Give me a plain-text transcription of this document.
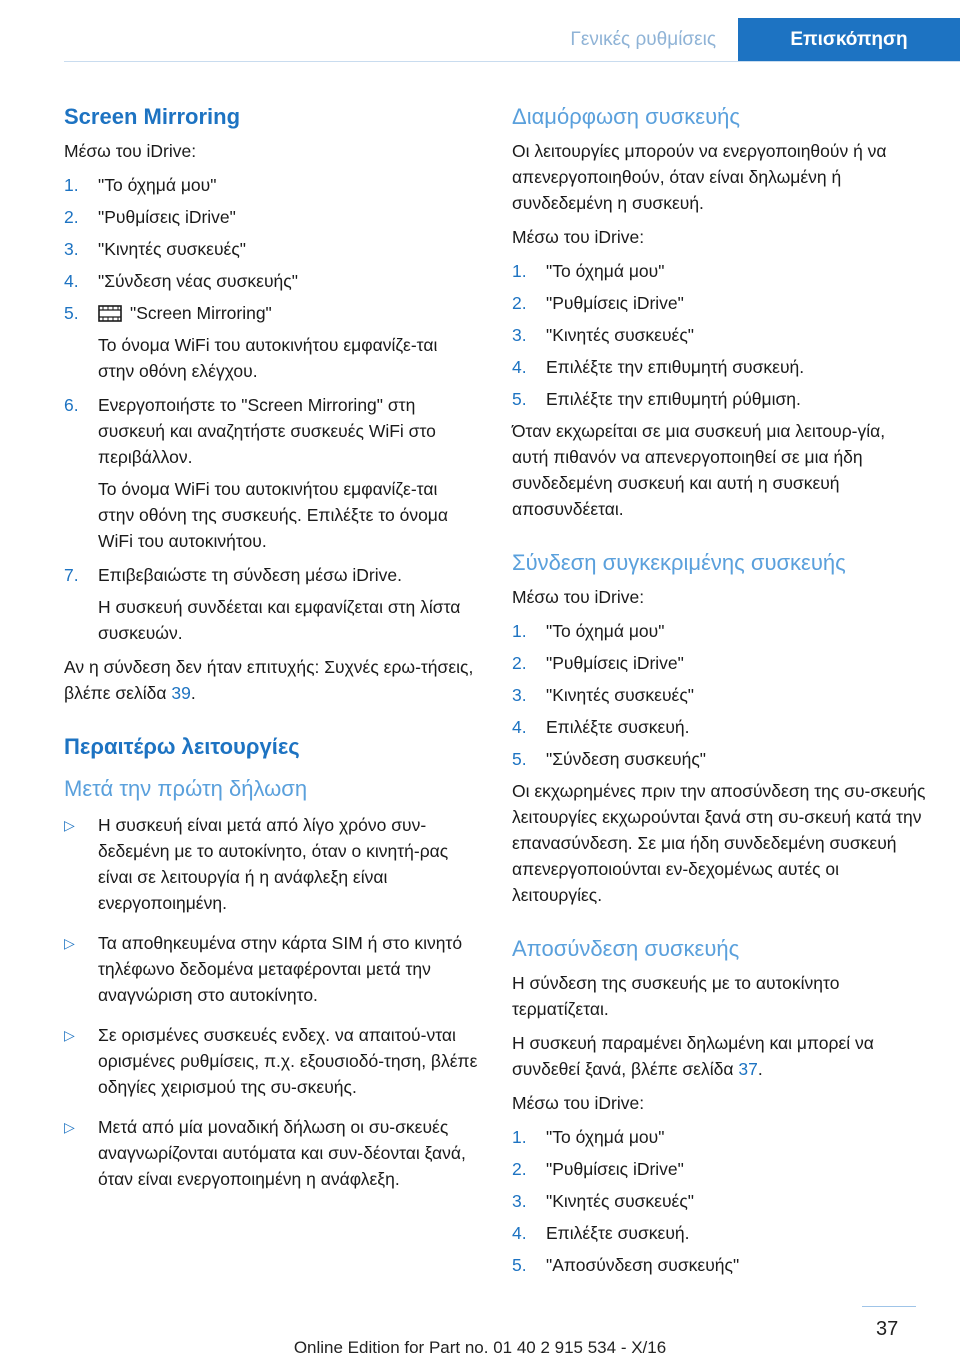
Γενικές ρυθμίσεις	Επισκόπηση
Screen Mirroring

Μέσω του iDrive:

1. "Το όχημά μου"
2. "Ρυθμίσεις iDrive"
3. "Κινητές συσκευές"
4. "Σύνδεση νέας συσκευής"
5.	"Screen Mirroring"

Το όνομα WiFi του αυτοκινήτου εμφανίζε-ται στην οθόνη ελέγχου.

6. Ενεργοποιήστε το "Screen Mirroring" στη συσκευή και αναζητήστε συσκευές WiFi στο περιβάλλον.

Το όνομα WiFi του αυτοκινήτου εμφανίζε-ται στην οθόνη της συσκευής. Επιλέξτε το όνομα WiFi του αυτοκινήτου.

7. Επιβεβαιώστε τη σύνδεση μέσω iDrive.

Η συσκευή συνδέεται και εμφανίζεται στη λίστα συσκευών.

Αν η σύνδεση δεν ήταν επιτυχής: Συχνές ερω-τήσεις, βλέπε σελίδα 39.

Περαιτέρω λειτουργίες
Μετά την πρώτη δήλωση
▷ Η συσκευή είναι μετά από λίγο χρόνο συν-δεδεμένη με το αυτοκίνητο, όταν ο κινητή-ρας είναι σε λειτουργία ή η ανάφλεξη είναι ενεργοποιημένη.
▷ Τα αποθηκευμένα στην κάρτα SIM ή στο κινητό τηλέφωνο δεδομένα μεταφέρονται μετά την αναγνώριση στο αυτοκίνητο.
▷ Σε ορισμένες συσκευές ενδεχ. να απαιτού-νται ορισμένες ρυθμίσεις, π.χ. εξουσιοδό-τηση, βλέπε οδηγίες χειρισμού της συ-σκευής.
▷ Μετά από μία μοναδική δήλωση οι συ-σκευές αναγνωρίζονται αυτόματα και συν-δέονται ξανά, όταν είναι ενεργοποιημένη η ανάφλεξη.
Διαμόρφωση συσκευής

Οι λειτουργίες μπορούν να ενεργοποιηθούν ή να απενεργοποιηθούν, όταν είναι δηλωμένη ή συνδεδεμένη η συσκευή.

Μέσω του iDrive:

1. "Το όχημά μου"
2. "Ρυθμίσεις iDrive"
3. "Κινητές συσκευές"
4. Επιλέξτε την επιθυμητή συσκευή.
5. Επιλέξτε την επιθυμητή ρύθμιση.

Όταν εκχωρείται σε μια συσκευή μια λειτουρ-γία, αυτή πιθανόν να απενεργοποιηθεί σε μια ήδη συνδεδεμένη συσκευή και αυτή η συσκευή αποσυνδέεται.

Σύνδεση συγκεκριμένης συσκευής

Μέσω του iDrive:

1. "Το όχημά μου"
2. "Ρυθμίσεις iDrive"
3. "Κινητές συσκευές"
4. Επιλέξτε συσκευή.
5. "Σύνδεση συσκευής"

Οι εκχωρημένες πριν την αποσύνδεση της συ-σκευής λειτουργίες εκχωρούνται ξανά στη συ-σκευή κατά την επανασύνδεση. Σε μια ήδη συνδεδεμένη συσκευή απενεργοποιούνται εν-δεχομένως αυτές οι λειτουργίες.

Αποσύνδεση συσκευής

Η σύνδεση της συσκευής με το αυτοκίνητο τερματίζεται.

Η συσκευή παραμένει δηλωμένη και μπορεί να συνδεθεί ξανά, βλέπε σελίδα 37.

Μέσω του iDrive:

1. "Το όχημά μου"
2. "Ρυθμίσεις iDrive"
3. "Κινητές συσκευές"
4. Επιλέξτε συσκευή.
5. "Αποσύνδεση συσκευής"
37
Online Edition for Part no. 01 40 2 915 534 - X/16
